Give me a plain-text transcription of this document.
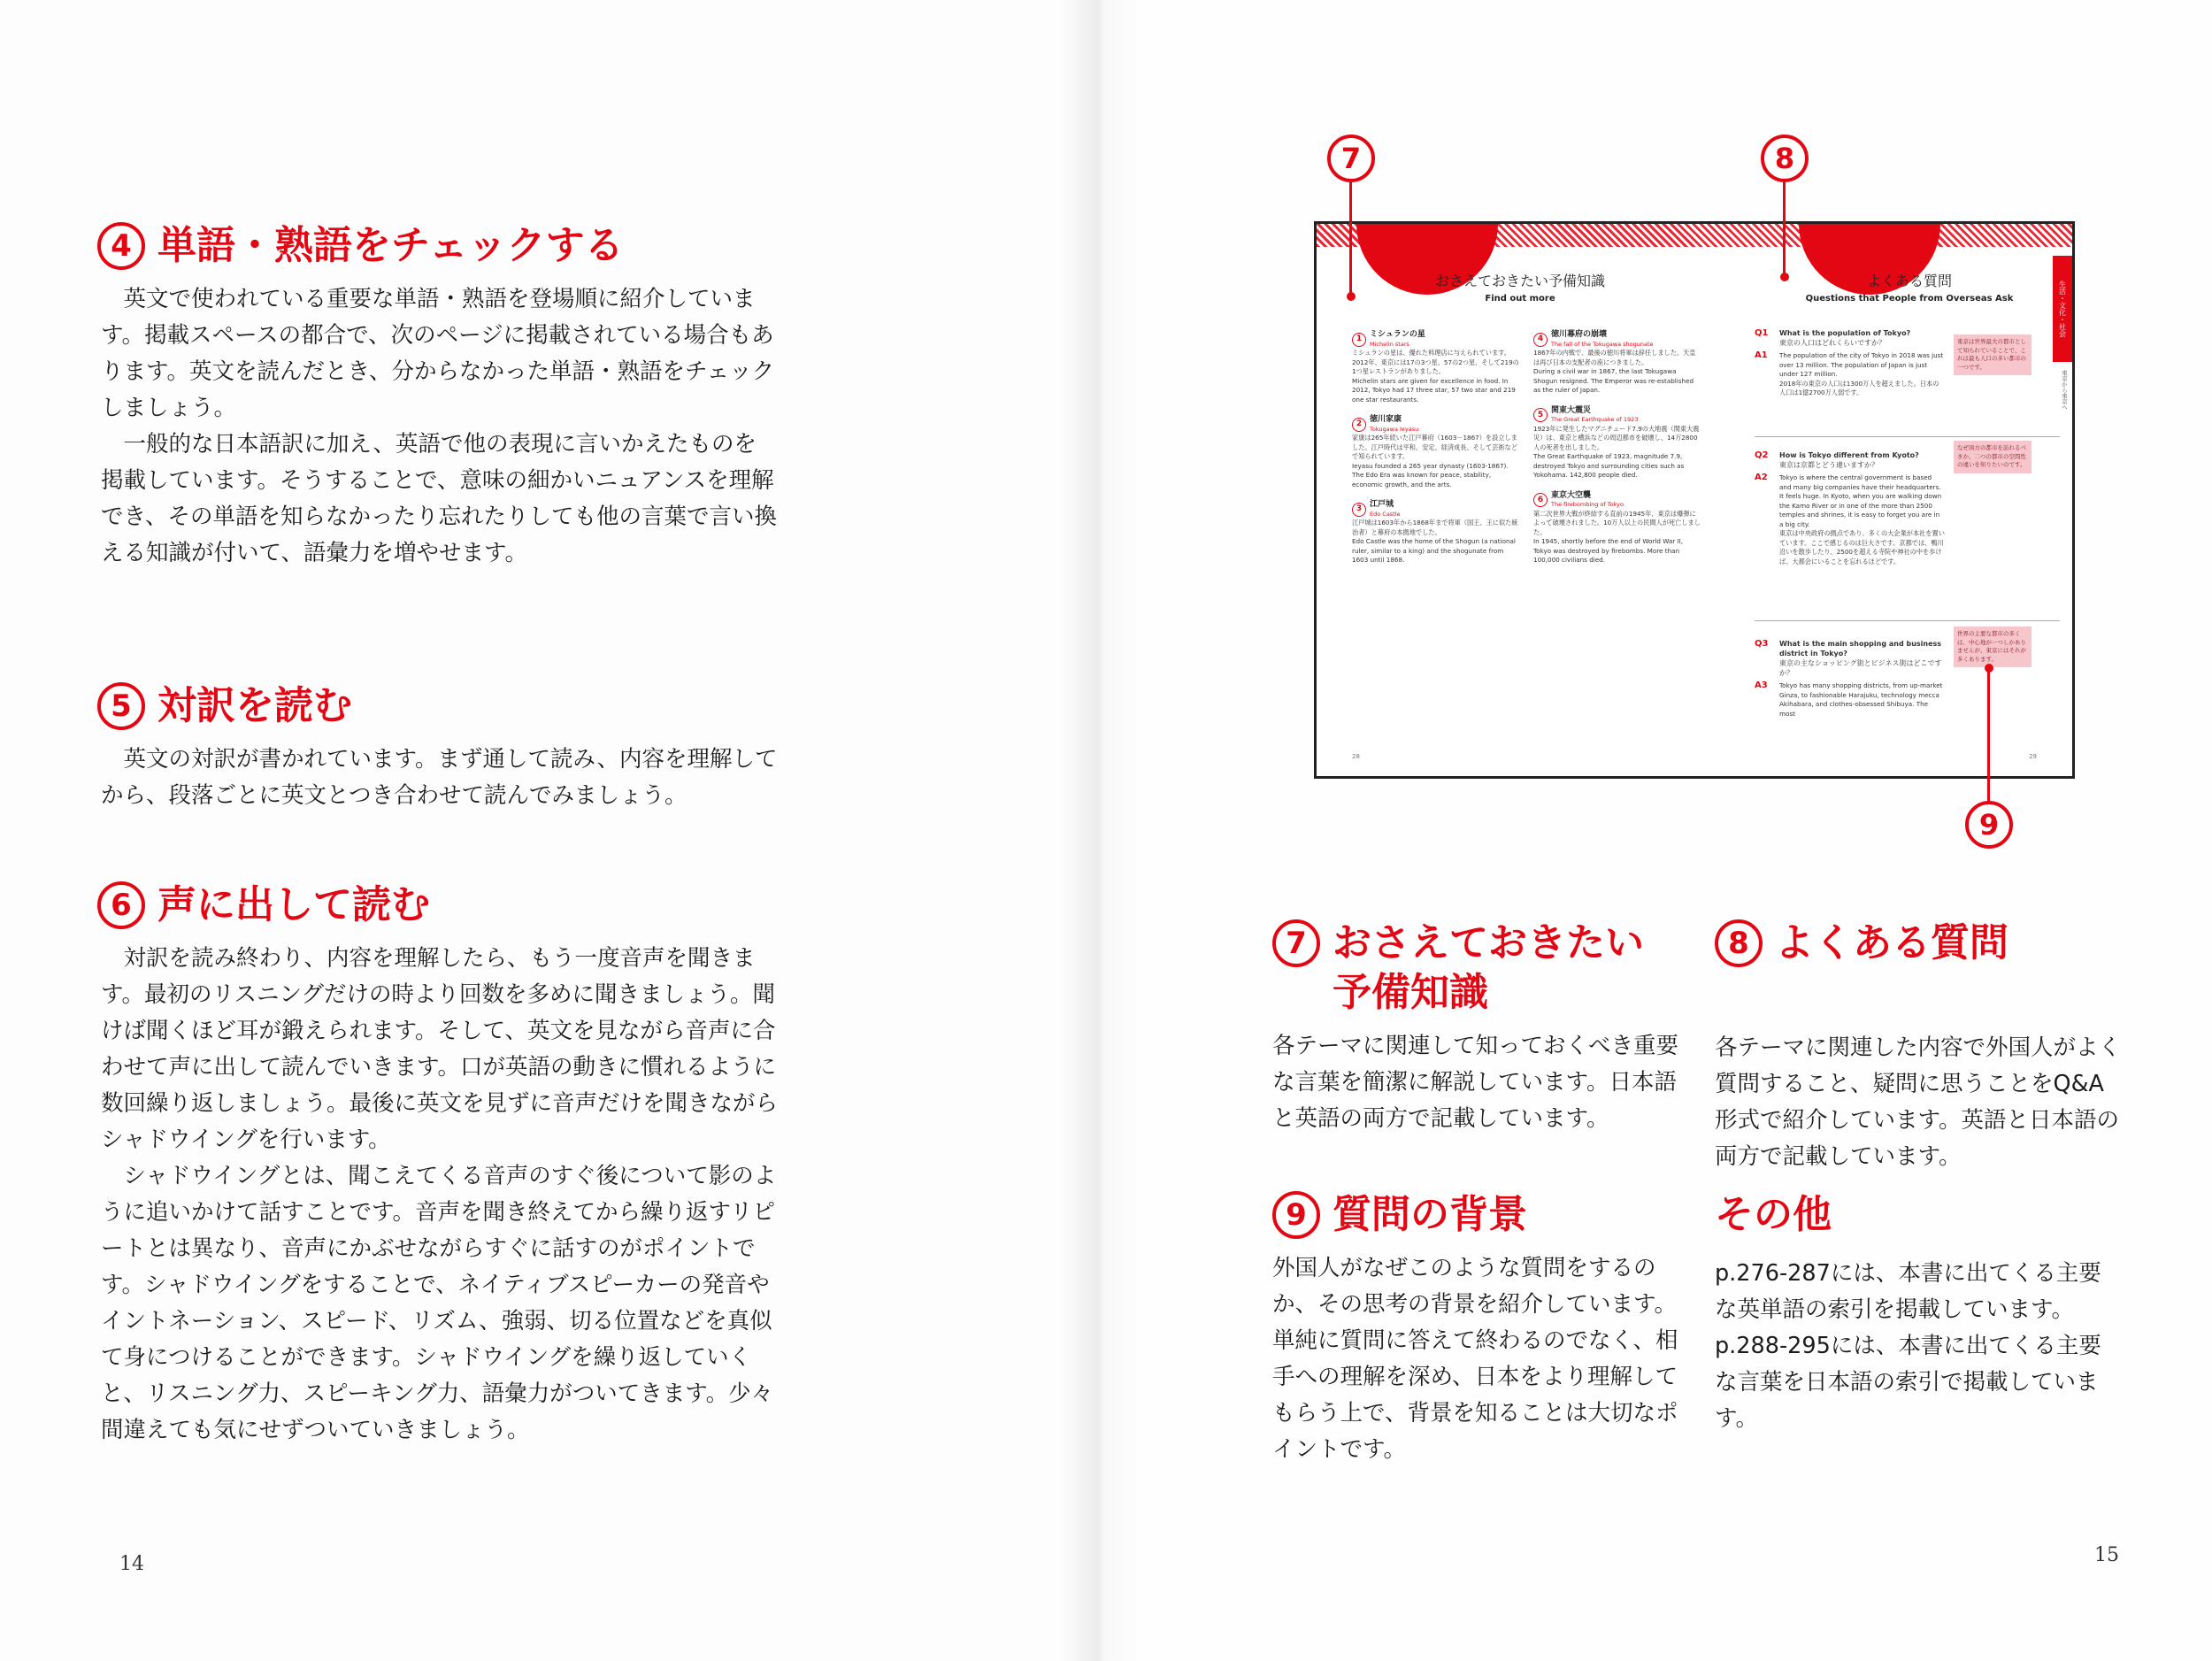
4 単語・熟語をチェックする

英文で使われている重要な単語・熟語を登場順に紹介しています。掲載スペースの都合で、次のページに掲載されている場合もあります。英文を読んだとき、分からなかった単語・熟語をチェックしましょう。

一般的な日本語訳に加え、英語で他の表現に言いかえたものを掲載しています。そうすることで、意味の細かいニュアンスを理解でき、その単語を知らなかったり忘れたりしても他の言葉で言い換える知識が付いて、語彙力を増やせます。

5 対訳を読む

英文の対訳が書かれています。まず通して読み、内容を理解してから、段落ごとに英文とつき合わせて読んでみましょう。

6 声に出して読む

対訳を読み終わり、内容を理解したら、もう一度音声を聞きます。最初のリスニングだけの時より回数を多めに聞きましょう。聞けば聞くほど耳が鍛えられます。そして、英文を見ながら音声に合わせて声に出して読んでいきます。口が英語の動きに慣れるように数回繰り返しましょう。最後に英文を見ずに音声だけを聞きながらシャドウイングを行います。

シャドウイングとは、聞こえてくる音声のすぐ後について影のように追いかけて話すことです。音声を聞き終えてから繰り返すリピートとは異なり、音声にかぶせながらすぐに話すのがポイントです。シャドウイングをすることで、ネイティブスピーカーの発音やイントネーション、スピード、リズム、強弱、切る位置などを真似て身につけることができます。シャドウイングを繰り返していくと、リスニング力、スピーキング力、語彙力がついてきます。少々間違えても気にせずついていきましょう。

14
生活・文化・社会
東京から東京へ
おさえておきたい予備知識
Find out more
よくある質問
Questions that People from Overseas Ask
1
ミシュランの星
Michelin stars
ミシュランの星は、優れた料理店に与えられています。2012年、東京には17の3つ星、57の2つ星、そして219の1つ星レストランがありました。
Michelin stars are given for excellence in food. In 2012, Tokyo had 17 three star, 57 two star and 219 one star restaurants.
2
徳川家康
Tokugawa Ieyasu
家康は265年続いた江戸幕府（1603－1867）を設立しました。江戸時代は平和、安定、経済成長、そして芸術などで知られています。
Ieyasu founded a 265 year dynasty (1603-1867). The Edo Era was known for peace, stability, economic growth, and the arts.
3
江戸城
Edo Castle
江戸城は1603年から1868年まで将軍（国王、王に似た統治者）と幕府の本拠地でした。
Edo Castle was the home of the Shogun (a national ruler, similar to a king) and the shogunate from 1603 until 1868.
4
徳川幕府の崩壊
The fall of the Tokugawa shogunate
1867年の内戦で、最後の徳川将軍は辞任しました。天皇は再び日本の支配者の座につきました。
During a civil war in 1867, the last Tokugawa Shogun resigned. The Emperor was re-established as the ruler of Japan.
5
関東大震災
The Great Earthquake of 1923
1923年に発生したマグニチュード7.9の大地震（関東大震災）は、東京と横浜などの周辺都市を破壊し、14万2800人の死者を出しました。
The Great Earthquake of 1923, magnitude 7.9, destroyed Tokyo and surrounding cities such as Yokohama. 142,800 people died.
6
東京大空襲
The firebombing of Tokyo
第二次世界大戦が終結する直前の1945年、東京は爆弾によって破壊されました。10万人以上の民間人が死亡しました。
In 1945, shortly before the end of World War II, Tokyo was destroyed by firebombs. More than 100,000 civilians died.
Q1	What is the population of Tokyo?
東京の人口はどれくらいですか？
A1	The population of the city of Tokyo in 2018 was just over 13 million. The population of Japan is just under 127 million.
2018年の東京の人口は1300万人を超えました。日本の人口は1億2700万人弱です。
Q2	How is Tokyo different from Kyoto?
東京は京都とどう違いますか？
A2	Tokyo is where the central government is based and many big companies have their headquarters. It feels huge. In Kyoto, when you are walking down the Kamo River or in one of the more than 2500 temples and shrines, it is easy to forget you are in a big city.
東京は中央政府の拠点であり、多くの大企業が本社を置いています。ここで感じるのは巨大さです。京都では、鴨川沿いを散歩したり、2500を超える寺院や神社の中を歩けば、大都会にいることを忘れるほどです。
Q3	What is the main shopping and business district in Tokyo?
東京の主なショッピング街とビジネス街はどこですか？
A3	Tokyo has many shopping districts, from up-market Ginza, to fashionable Harajuku, technology mecca Akihabara, and clothes-obsessed Shibuya. The most
東京は世界最大の都市として知られていることで、これは最も人口の多い都市の一つです。
なぜ両方の都市を訪れるべきか、二つの都市の空間性の違いを知りたいのです。
世界の主要な都市の多くは、中心地がーつしかありませんが、東京にはそれが多くあります。
28	29
7	8
9
7 おさえておきたい
予備知識
各テーマに関連して知っておくべき重要な言葉を簡潔に解説しています。日本語と英語の両方で記載しています。
8 よくある質問
各テーマに関連した内容で外国人がよく質問すること、疑問に思うことをQ&A形式で紹介しています。英語と日本語の両方で記載しています。
9 質問の背景
外国人がなぜこのような質問をするのか、その思考の背景を紹介しています。単純に質問に答えて終わるのでなく、相手への理解を深め、日本をより理解してもらう上で、背景を知ることは大切なポイントです。
その他
p.276-287には、本書に出てくる主要な英単語の索引を掲載しています。
p.288-295には、本書に出てくる主要な言葉を日本語の索引で掲載しています。
15
